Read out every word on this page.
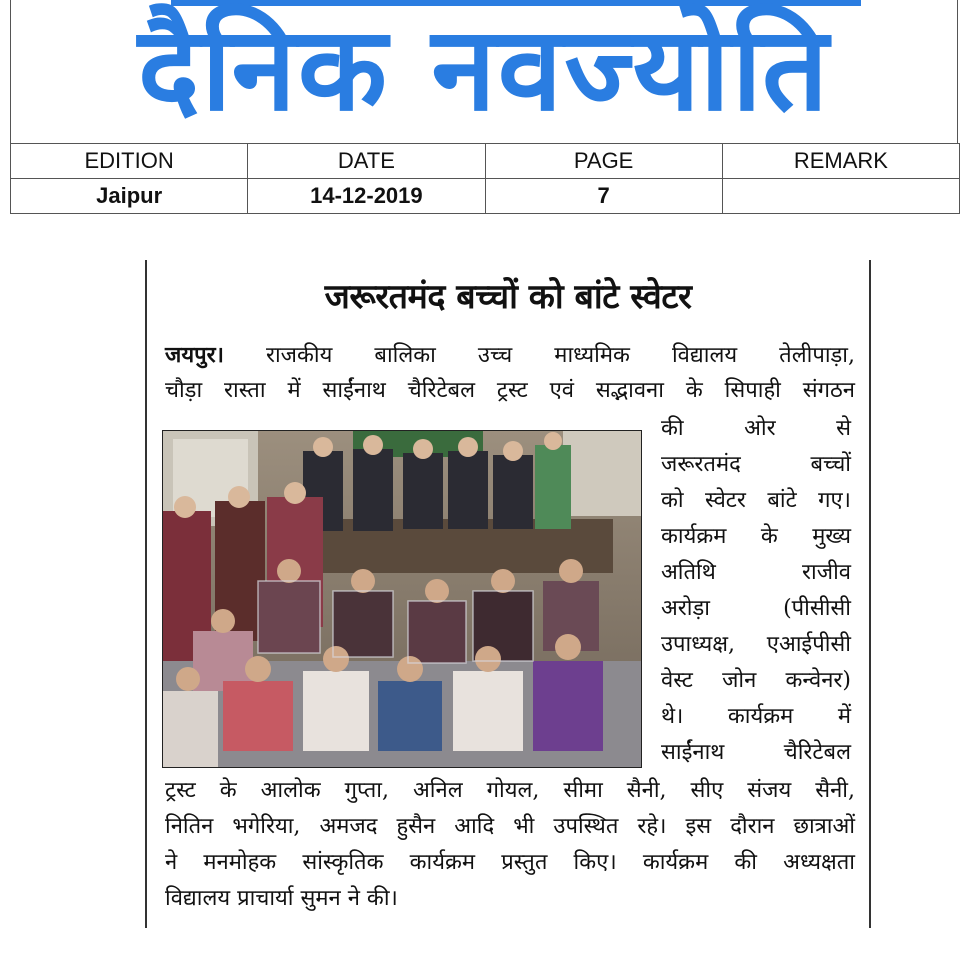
दैनिक नवज्योति
EDITION	DATE	PAGE	REMARK
Jaipur	14-12-2019	7	
जरूरतमंद बच्चों को बांटे स्वेटर
जयपुर। राजकीय बालिका उच्च माध्यमिक विद्यालय तेलीपाड़ा,
चौड़ा रास्ता में साईंनाथ चैरिटेबल ट्रस्ट एवं सद्भावना के सिपाही संगठन
की ओर से
जरूरतमंद बच्चों
को स्वेटर बांटे गए।
कार्यक्रम के मुख्य
अतिथि राजीव
अरोड़ा (पीसीसी
उपाध्यक्ष, एआईपीसी
वेस्ट जोन कन्वेनर)
थे। कार्यक्रम में
साईंनाथ चैरिटेबल
ट्रस्ट के आलोक गुप्ता, अनिल गोयल, सीमा सैनी, सीए संजय सैनी,
नितिन भगेरिया, अमजद हुसैन आदि भी उपस्थित रहे। इस दौरान छात्राओं
ने मनमोहक सांस्कृतिक कार्यक्रम प्रस्तुत किए। कार्यक्रम की अध्यक्षता
विद्यालय प्राचार्या सुमन ने की।
